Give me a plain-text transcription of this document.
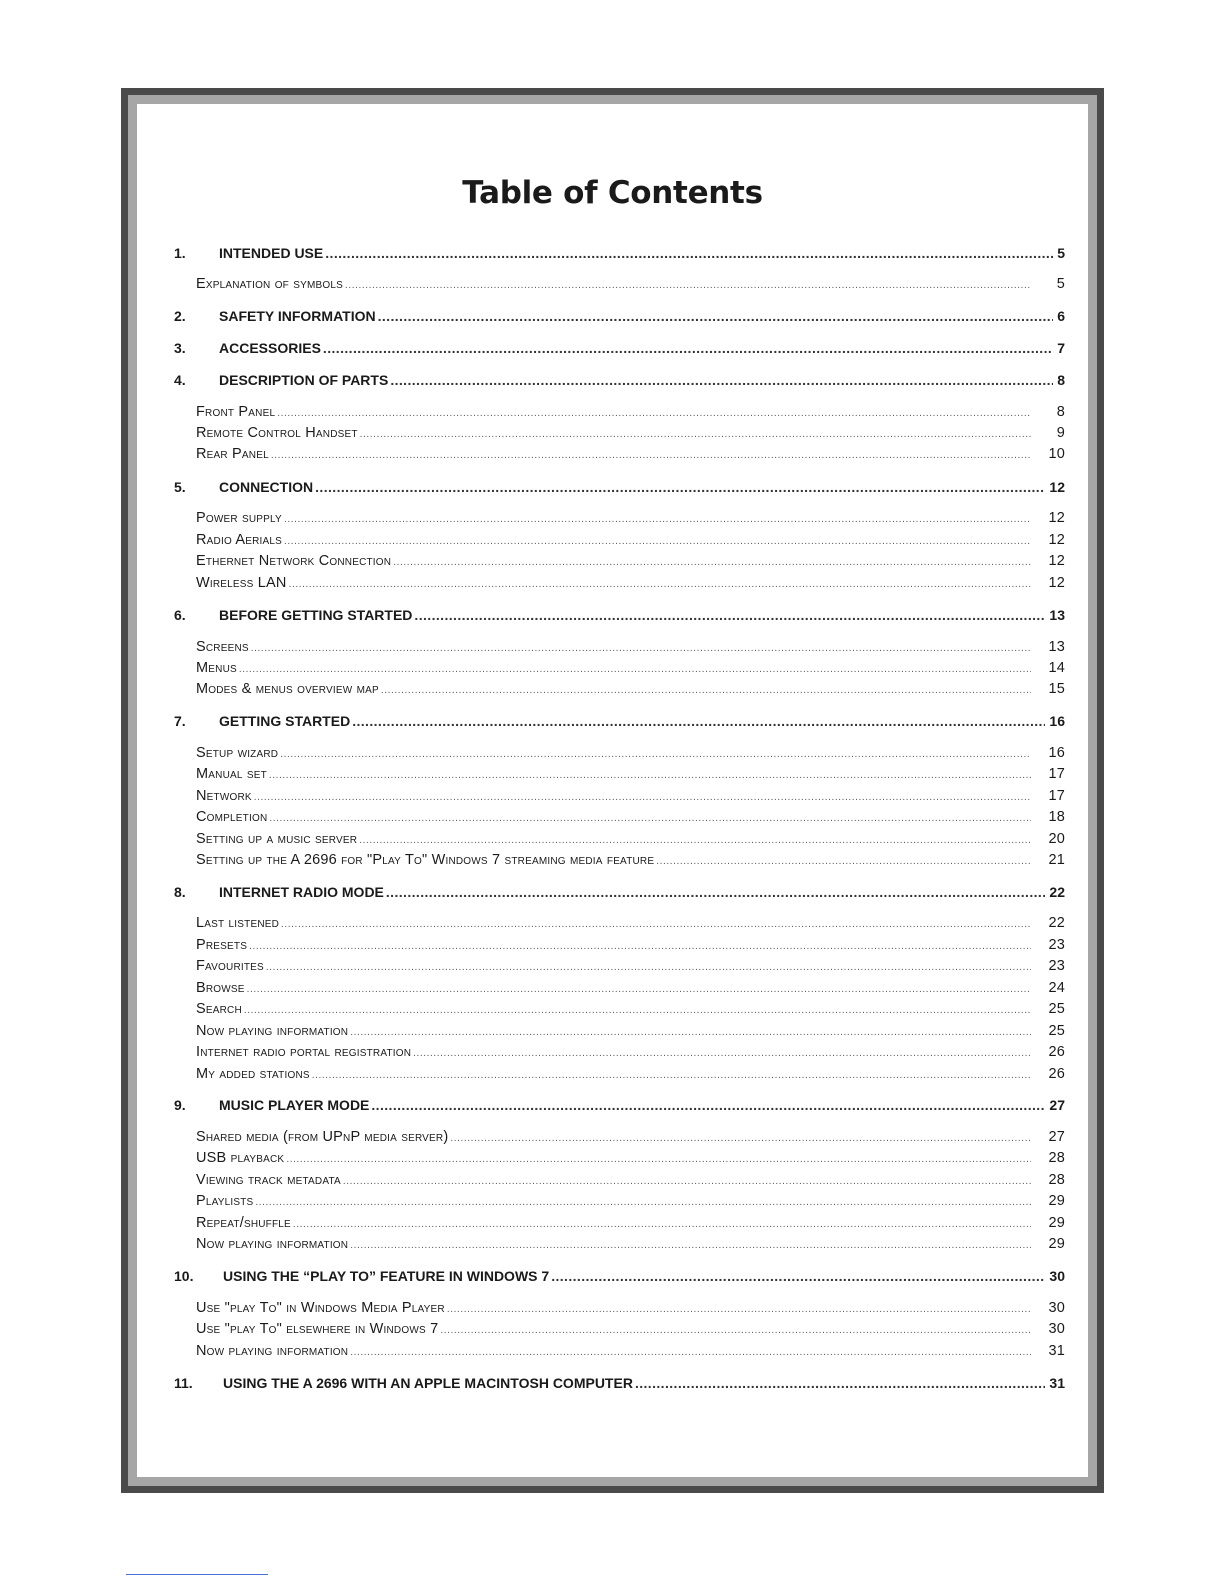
Table of Contents
1.	INTENDED USE .....	5
Explanation of symbols .....	5
2.	SAFETY INFORMATION .....	6
3.	ACCESSORIES .....	7
4.	DESCRIPTION OF PARTS .....	8
Front Panel .....	8
Remote Control Handset .....	9
Rear Panel .....	10
5.	CONNECTION .....	12
Power supply .....	12
Radio Aerials .....	12
Ethernet Network Connection .....	12
Wireless LAN .....	12
6.	BEFORE GETTING STARTED .....	13
Screens .....	13
Menus .....	14
Modes & menus overview map .....	15
7.	GETTING STARTED .....	16
Setup wizard .....	16
Manual set .....	17
Network .....	17
Completion .....	18
Setting up a music server .....	20
Setting up the A 2696 for "Play To" Windows 7 streaming media feature .....	21
8.	INTERNET RADIO MODE .....	22
Last listened .....	22
Presets .....	23
Favourites .....	23
Browse .....	24
Search .....	25
Now playing information .....	25
Internet radio portal registration .....	26
My added stations .....	26
9.	MUSIC PLAYER MODE .....	27
Shared media (from UPnP media server) .....	27
USB playback .....	28
Viewing track metadata .....	28
Playlists .....	29
Repeat/shuffle .....	29
Now playing information .....	29
10.	USING THE “PLAY TO” FEATURE IN WINDOWS 7 .....	30
Use "play To" in Windows Media Player .....	30
Use "play To" elsewhere in Windows 7 .....	30
Now playing information .....	31
11.	USING THE A 2696 WITH AN APPLE MACINTOSH COMPUTER .....	31
